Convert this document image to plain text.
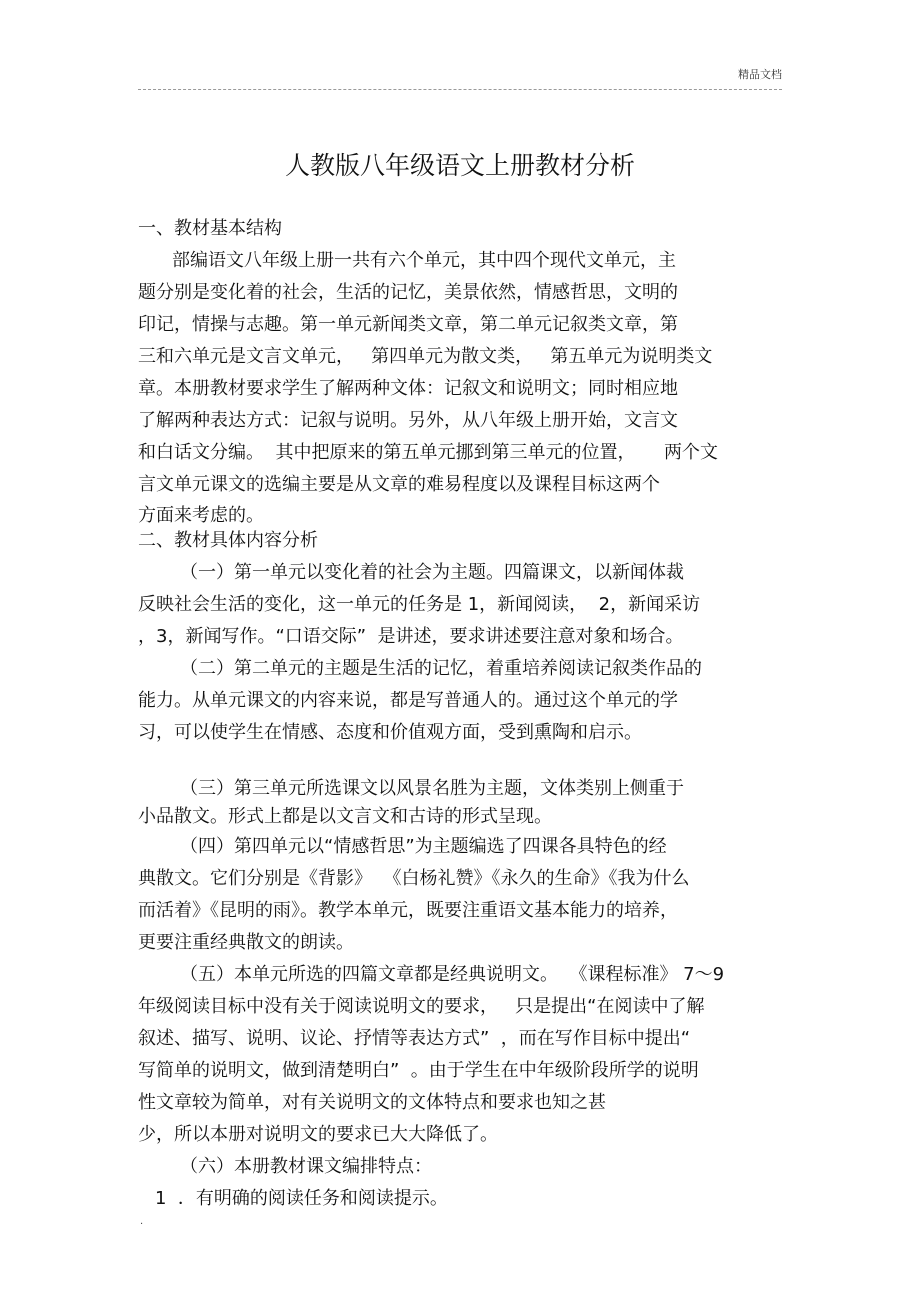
精品文档
人教版八年级语文上册教材分析
一、教材基本结构
部编语文八年级上册一共有六个单元，其中四个现代文单元，主
题分别是变化着的社会，生活的记忆，美景依然，情感哲思，文明的
印记，情操与志趣。第一单元新闻类文章，第二单元记叙类文章，第
三和六单元是文言文单元，   第四单元为散文类，   第五单元为说明类文
章。本册教材要求学生了解两种文体：记叙文和说明文；同时相应地
了解两种表达方式：记叙与说明。另外，从八年级上册开始，文言文
和白话文分编。  其中把原来的第五单元挪到第三单元的位置，     两个文
言文单元课文的选编主要是从文章的难易程度以及课程目标这两个
方面来考虑的。
二、教材具体内容分析
（一）第一单元以变化着的社会为主题。四篇课文，以新闻体裁
反映社会生活的变化，这一单元的任务是 1，新闻阅读，  2，新闻采访
，3，新闻写作。“口语交际”  是讲述，要求讲述要注意对象和场合。
（二）第二单元的主题是生活的记忆，着重培养阅读记叙类作品的
能力。从单元课文的内容来说，都是写普通人的。通过这个单元的学
习，可以使学生在情感、态度和价值观方面，受到熏陶和启示。
（三）第三单元所选课文以风景名胜为主题，文体类别上侧重于
小品散文。形式上都是以文言文和古诗的形式呈现。
（四）第四单元以“情感哲思”为主题编选了四课各具特色的经
典散文。它们分别是《背影》  《白杨礼赞》《永久的生命》《我为什么
而活着》《昆明的雨》。教学本单元，既要注重语文基本能力的培养，
更要注重经典散文的朗读。
（五）本单元所选的四篇文章都是经典说明文。  《课程标准》 7～9
年级阅读目标中没有关于阅读说明文的要求，   只是提出“在阅读中了解
叙述、描写、说明、议论、抒情等表达方式”  ，而在写作目标中提出“
写简单的说明文，做到清楚明白”  。由于学生在中年级阶段所学的说明
性文章较为简单，对有关说明文的文体特点和要求也知之甚
少，所以本册对说明文的要求已大大降低了。
（六）本册教材课文编排特点：
1  ．有明确的阅读任务和阅读提示。
.
